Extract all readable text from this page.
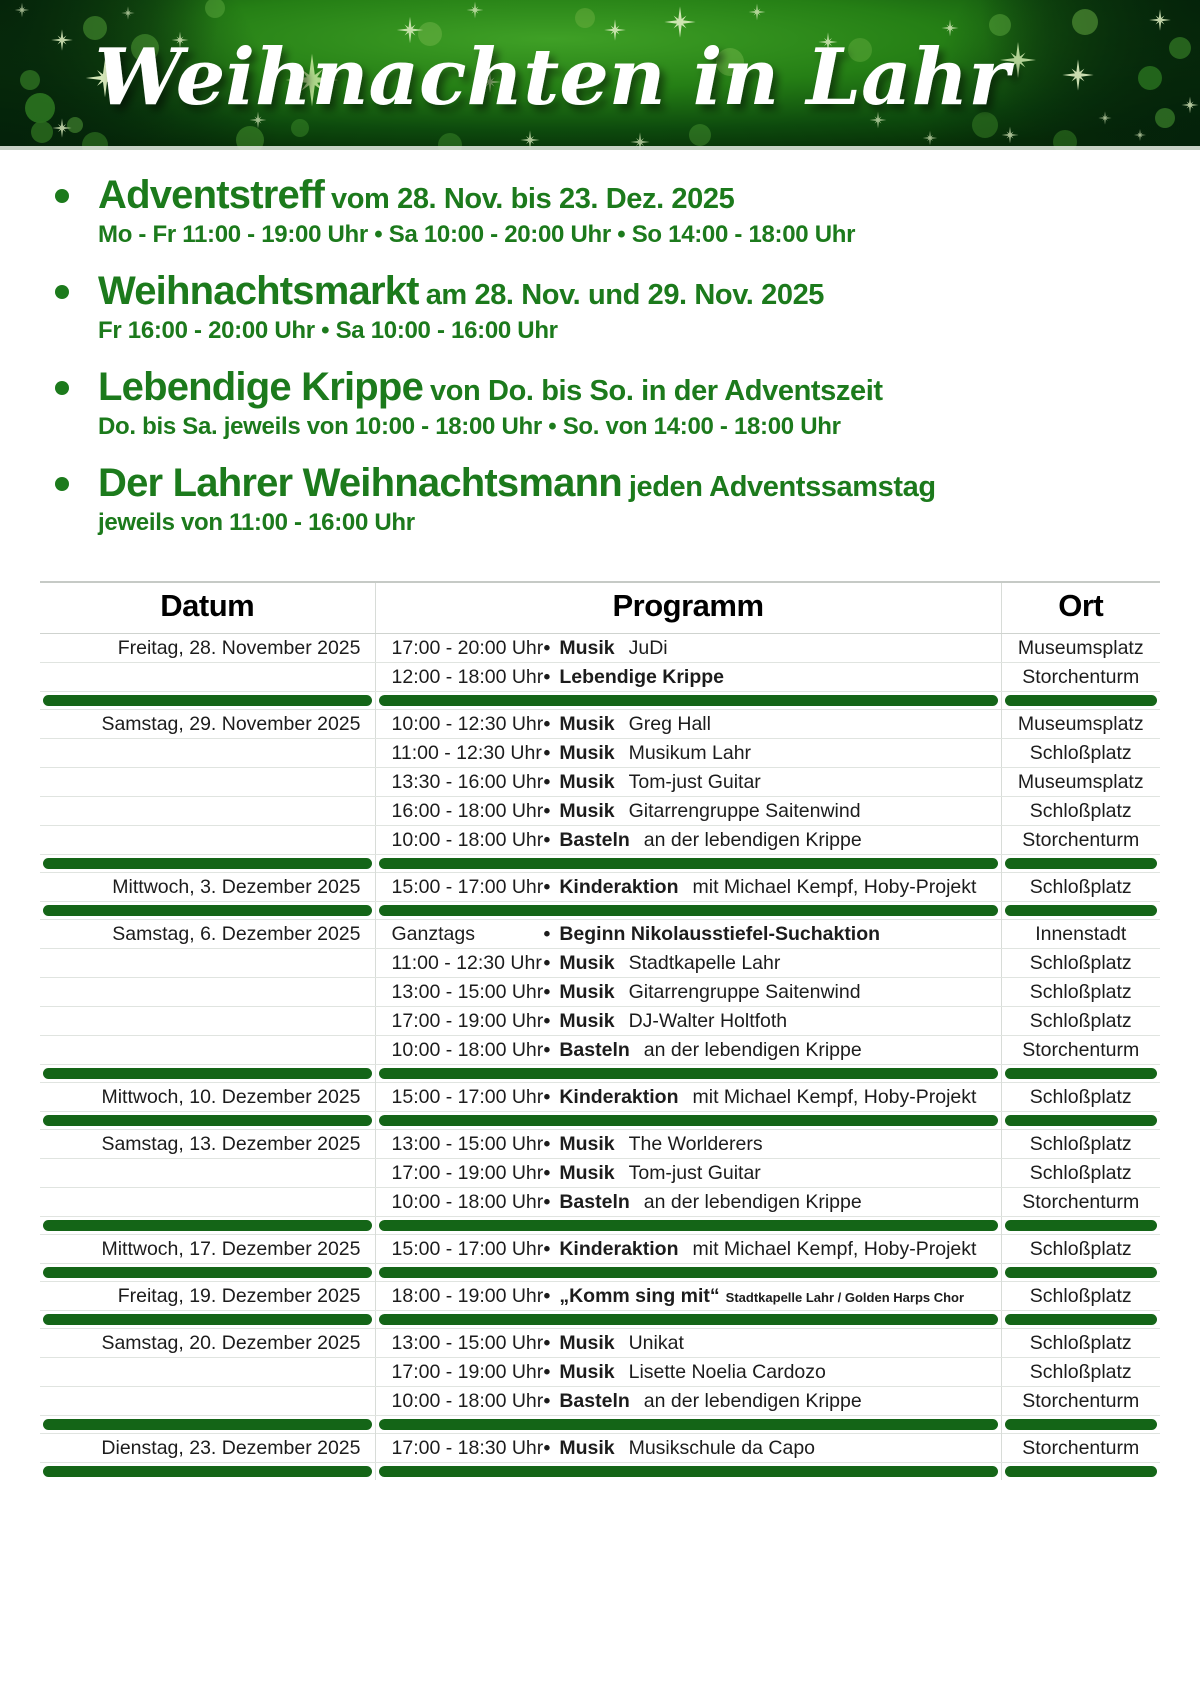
Weihnachten in Lahr
Adventstreff vom 28. Nov. bis 23. Dez. 2025
Mo - Fr 11:00 - 19:00 Uhr • Sa 10:00 - 20:00 Uhr • So 14:00 - 18:00 Uhr
Weihnachtsmarkt am 28. Nov. und 29. Nov. 2025
Fr 16:00 - 20:00 Uhr • Sa 10:00 - 16:00 Uhr
Lebendige Krippe von Do. bis So. in der Adventszeit
Do. bis Sa. jeweils von 10:00 - 18:00 Uhr • So. von 14:00 - 18:00 Uhr
Der Lahrer Weihnachtsmann jeden Adventssamstag
jeweils von 11:00 - 16:00 Uhr
Datum	Programm	Ort
Freitag, 28. November 2025	17:00 - 20:00 Uhr• Musik JuDi	Museumsplatz
	12:00 - 18:00 Uhr• Lebendige Krippe	Storchenturm

Samstag, 29. November 2025	10:00 - 12:30 Uhr• Musik Greg Hall	Museumsplatz
	11:00 - 12:30 Uhr• Musik Musikum Lahr	Schloßplatz
	13:30 - 16:00 Uhr• Musik Tom-just Guitar	Museumsplatz
	16:00 - 18:00 Uhr• Musik Gitarrengruppe Saitenwind	Schloßplatz
	10:00 - 18:00 Uhr• Basteln an der lebendigen Krippe	Storchenturm

Mittwoch, 3. Dezember 2025	15:00 - 17:00 Uhr• Kinderaktion mit Michael Kempf, Hoby-Projekt	Schloßplatz

Samstag, 6. Dezember 2025	Ganztags • Beginn Nikolausstiefel-Suchaktion	Innenstadt
	11:00 - 12:30 Uhr• Musik Stadtkapelle Lahr	Schloßplatz
	13:00 - 15:00 Uhr• Musik Gitarrengruppe Saitenwind	Schloßplatz
	17:00 - 19:00 Uhr• Musik DJ-Walter Holtfoth	Schloßplatz
	10:00 - 18:00 Uhr• Basteln an der lebendigen Krippe	Storchenturm

Mittwoch, 10. Dezember 2025	15:00 - 17:00 Uhr• Kinderaktion mit Michael Kempf, Hoby-Projekt	Schloßplatz

Samstag, 13. Dezember 2025	13:00 - 15:00 Uhr• Musik The Worlderers	Schloßplatz
	17:00 - 19:00 Uhr• Musik Tom-just Guitar	Schloßplatz
	10:00 - 18:00 Uhr• Basteln an der lebendigen Krippe	Storchenturm

Mittwoch, 17. Dezember 2025	15:00 - 17:00 Uhr• Kinderaktion mit Michael Kempf, Hoby-Projekt	Schloßplatz

Freitag, 19. Dezember 2025	18:00 - 19:00 Uhr• „Komm sing mit“ Stadtkapelle Lahr / Golden Harps Chor	Schloßplatz

Samstag, 20. Dezember 2025	13:00 - 15:00 Uhr• Musik Unikat	Schloßplatz
	17:00 - 19:00 Uhr• Musik Lisette Noelia Cardozo	Schloßplatz
	10:00 - 18:00 Uhr• Basteln an der lebendigen Krippe	Storchenturm

Dienstag, 23. Dezember 2025	17:00 - 18:30 Uhr• Musik Musikschule da Capo	Storchenturm
